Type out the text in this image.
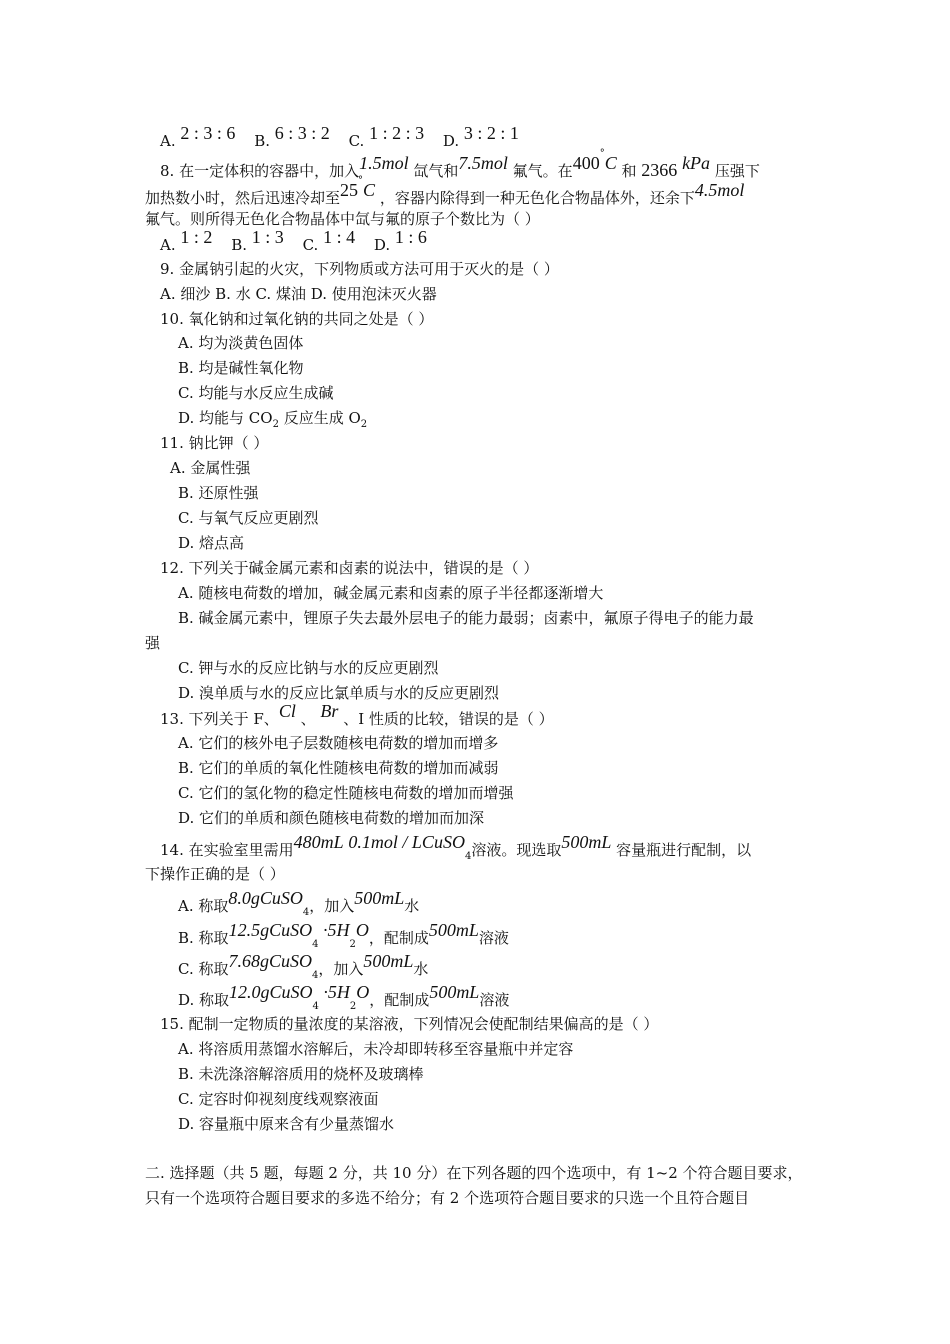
A. 2 : 3 : 6 B. 6 : 3 : 2 C. 1 : 2 : 3 D. 3 : 2 : 1
8. 在一定体积的容器中，加入1.5mol 氙气和7.5mol 氟气。在400°C 和 2366 kPa 压强下
加热数小时，然后迅速冷却至25°C ，容器内除得到一种无色化合物晶体外，还余下4.5mol
氟气。则所得无色化合物晶体中氙与氟的原子个数比为（ ）
A. 1 : 2 B. 1 : 3 C. 1 : 4 D. 1 : 6
9. 金属钠引起的火灾，下列物质或方法可用于灭火的是（ ）
A. 细沙 B. 水 C. 煤油 D. 使用泡沫灭火器
10. 氧化钠和过氧化钠的共同之处是（ ）
A. 均为淡黄色固体
B. 均是碱性氧化物
C. 均能与水反应生成碱
D. 均能与 $CO_2$ 反应生成 $O_2$
11. 钠比钾（ ）
A. 金属性强
B. 还原性强
C. 与氧气反应更剧烈
D. 熔点高
12. 下列关于碱金属元素和卤素的说法中，错误的是（ ）
A. 随核电荷数的增加，碱金属元素和卤素的原子半径都逐渐增大
B. 碱金属元素中，锂原子失去最外层电子的能力最弱；卤素中，氟原子得电子的能力最
强
C. 钾与水的反应比钠与水的反应更剧烈
D. 溴单质与水的反应比氯单质与水的反应更剧烈
13. 下列关于 F、Cl 、 Br 、I 性质的比较，错误的是（ ）
A. 它们的核外电子层数随核电荷数的增加而增多
B. 它们的单质的氧化性随核电荷数的增加而减弱
C. 它们的氢化物的稳定性随核电荷数的增加而增强
D. 它们的单质和颜色随核电荷数的增加而加深
14. 在实验室里需用480mL 0.1mol / LCuSO$_4$溶液。现选取500mL 容量瓶进行配制，以
下操作正确的是（ ）
A. 称取8.0gCuSO$_4$，加入500mL水
B. 称取12.5gCuSO$_4$ $\cdot 5H_2O$，配制成500mL溶液
C. 称取7.68gCuSO$_4$，加入500mL水
D. 称取12.0gCuSO$_4$ $\cdot 5H_2O$，配制成500mL溶液
15. 配制一定物质的量浓度的某溶液，下列情况会使配制结果偏高的是（ ）
A. 将溶质用蒸馏水溶解后，未冷却即转移至容量瓶中并定容
B. 未洗涤溶解溶质用的烧杯及玻璃棒
C. 定容时仰视刻度线观察液面
D. 容量瓶中原来含有少量蒸馏水
二. 选择题（共 5 题，每题 2 分，共 10 分）在下列各题的四个选项中，有 1~2 个符合题目要求，
只有一个选项符合题目要求的多选不给分；有 2 个选项符合题目要求的只选一个且符合题目
